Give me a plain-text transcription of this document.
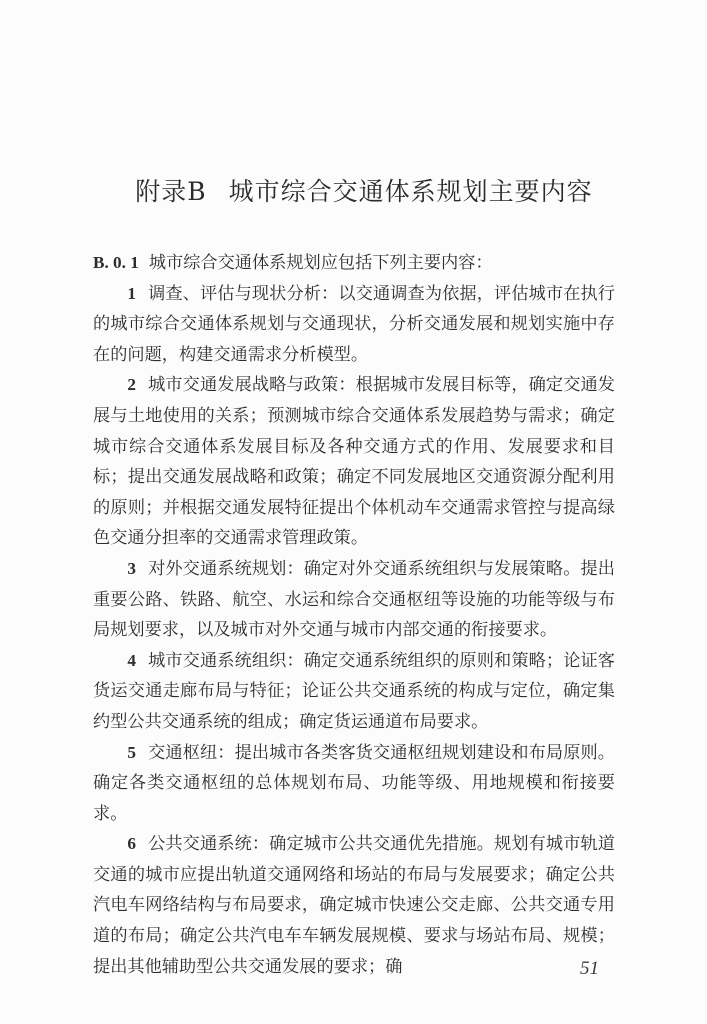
附录B 城市综合交通体系规划主要内容

B. 0. 1 城市综合交通体系规划应包括下列主要内容：

1 调查、评估与现状分析：以交通调查为依据，评估城市在执行的城市综合交通体系规划与交通现状，分析交通发展和规划实施中存在的问题，构建交通需求分析模型。

2 城市交通发展战略与政策：根据城市发展目标等，确定交通发展与土地使用的关系；预测城市综合交通体系发展趋势与需求；确定城市综合交通体系发展目标及各种交通方式的作用、发展要求和目标；提出交通发展战略和政策；确定不同发展地区交通资源分配利用的原则；并根据交通发展特征提出个体机动车交通需求管控与提高绿色交通分担率的交通需求管理政策。

3 对外交通系统规划：确定对外交通系统组织与发展策略。提出重要公路、铁路、航空、水运和综合交通枢纽等设施的功能等级与布局规划要求，以及城市对外交通与城市内部交通的衔接要求。

4 城市交通系统组织：确定交通系统组织的原则和策略；论证客货运交通走廊布局与特征；论证公共交通系统的构成与定位，确定集约型公共交通系统的组成；确定货运通道布局要求。

5 交通枢纽：提出城市各类客货交通枢纽规划建设和布局原则。确定各类交通枢纽的总体规划布局、功能等级、用地规模和衔接要求。

6 公共交通系统：确定城市公共交通优先措施。规划有城市轨道交通的城市应提出轨道交通网络和场站的布局与发展要求；确定公共汽电车网络结构与布局要求，确定城市快速公交走廊、公共交通专用道的布局；确定公共汽电车车辆发展规模、要求与场站布局、规模；提出其他辅助型公共交通发展的要求；确	51
